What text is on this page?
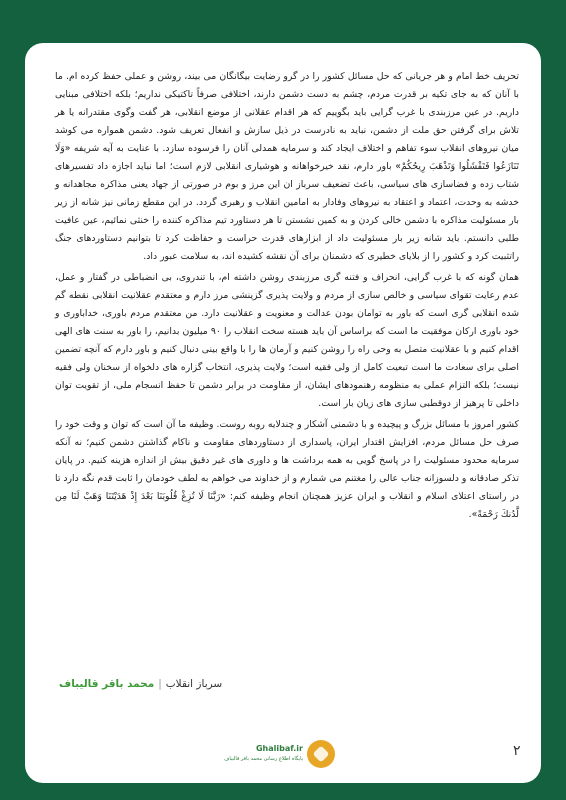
تحریف خط امام و هر جریانی که حل مسائل کشور را در گرو رضایت بیگانگان می بیند، روشن و عملی حفظ کرده ام. ما با آنان که به جای تکیه بر قدرت مردم، چشم به دست دشمن دارند، اختلافی صرفاً تاکتیکی نداریم؛ بلکه اختلافی مبنایی داریم. در عین مرزبندی با غرب گرایی باید بگوییم که هر اقدام عقلانی از موضع انقلابی، هر گفت وگوی مقتدرانه یا هر تلاش برای گرفتن حق ملت از دشمن، نباید به نادرست در ذیل سازش و انفعال تعریف شود. دشمن همواره می کوشد میان نیروهای انقلاب سوء تفاهم و اختلاف ایجاد کند و سرمایه همدلی آنان را فرسوده سازد. با عنایت به آیه شریفه «وَلَا تَنَازَعُوا فَتَفْشَلُوا وَتَذْهَبَ رِيحُكُمْ» باور دارم، نقد خیرخواهانه و هوشیاری انقلابی لازم است؛ اما نباید اجازه داد تفسیرهای شتاب زده و فضاسازی های سیاسی، باعث تضعیف سرباز ان این مرز و بوم در صورتی از جهاد یعنی مذاکره مجاهدانه و خدشه به وحدت، اعتماد و اعتقاد به نیروهای وفادار به امامین انقلاب و رهبری گردد. در این مقطع زمانی نیز شانه از زیر بار مسئولیت مذاکره با دشمن خالی کردن و به کمین نشستن تا هر دستاورد تیم مذاکره کننده را خنثی نمائیم، عین عافیت طلبی دانستم. باید شانه زیر بار مسئولیت داد از ابزارهای قدرت حراست و حفاظت کرد تا بتوانیم دستاوردهای جنگ راتثبیت کرد و کشور را از بلایای خطیری که دشمنان برای آن نقشه کشیده اند، به سلامت عبور داد.

همان گونه که با غرب گرایی، انحراف و فتنه گری مرزبندی روشن داشته ام، با تندروی، بی انضباطی در گفتار و عمل، عدم رعایت تقوای سیاسی و خالص سازی از مردم و ولایت پذیری گزینشی مرز دارم و معتقدم عقلانیت انقلابی نقطه گم شده انقلابی گری است که باور به توامان بودن عدالت و معنویت و عقلانیت دارد. من معتقدم مردم باوری، خداباوری و خود باوری ارکان موفقیت ما است که براساس آن باید هسته سخت انقلاب را ۹۰ میلیون بدانیم، را باور به سنت های الهی اقدام کنیم و با عقلانیت متصل به وحی راه را روشن کنیم و آرمان ها را با واقع بینی دنبال کنیم و باور دارم که آنچه تضمین اصلی برای سعادت ما است تبعیت کامل از ولی فقیه است؛ ولایت پذیری، انتخاب گزاره های دلخواه از سخنان ولی فقیه نیست؛ بلکه التزام عملی به منظومه رهنمودهای ایشان، از مقاومت در برابر دشمن تا حفظ انسجام ملی، از تقویت توان داخلی تا پرهیز از دوقطبی سازی های زیان بار است.

کشور امروز با مسائل بزرگ و پیچیده و با دشمنی آشکار و چندلایه روبه روست. وظیفه ما آن است که توان و وقت خود را صرف حل مسائل مردم، افزایش اقتدار ایران، پاسداری از دستاوردهای مقاومت و ناکام گذاشتن دشمن کنیم؛ نه آنکه سرمایه محدود مسئولیت را در پاسخ گویی به همه برداشت ها و داوری های غیر دقیق بیش از اندازه هزینه کنیم. در پایان تذکر صادقانه و دلسوزانه جناب عالی را مغتنم می شمارم و از خداوند می خواهم به لطف خودمان را ثابت قدم نگه دارد تا در راستای اعتلای اسلام و انقلاب و ایران عزیز همچنان انجام وظیفه کنم: «رَبَّنَا لَا تُزِغْ قُلُوبَنَا بَعْدَ إِذْ هَدَيْتَنَا وَهَبْ لَنَا مِن لَّدُنكَ رَحْمَةً».

سرباز انقلاب|محمد باقر قالیباف
Ghalibaf.ir
پایگاه اطلاع رسانی محمد باقر قالیباف	۲
